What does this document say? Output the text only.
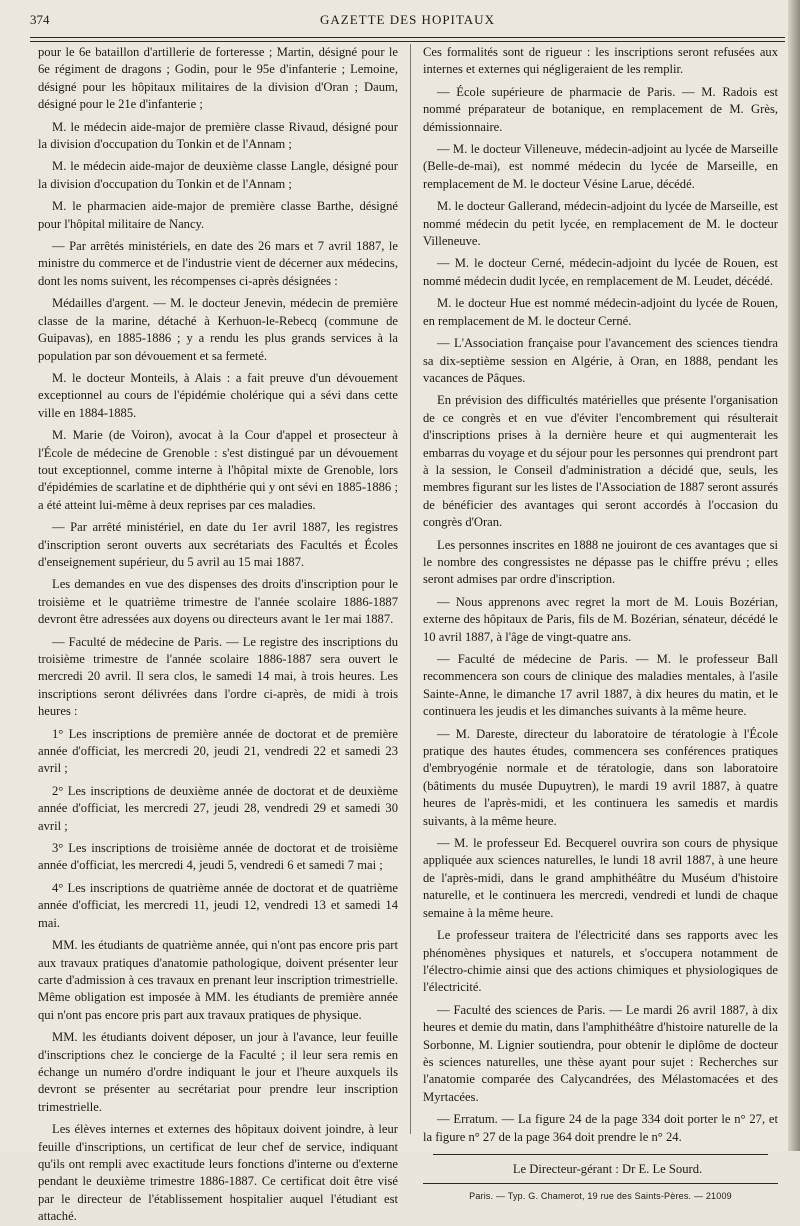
374	GAZETTE DES HOPITAUX

pour le 6e bataillon d'artillerie de forteresse ; Martin, désigné pour le 6e régiment de dragons ; Godin, pour le 95e d'infanterie ; Lemoine, désigné pour les hôpitaux militaires de la division d'Oran ; Daum, désigné pour le 21e d'infanterie ;

M. le médecin aide-major de première classe Rivaud, désigné pour la division d'occupation du Tonkin et de l'Annam ;

M. le médecin aide-major de deuxième classe Langle, désigné pour la division d'occupation du Tonkin et de l'Annam ;

M. le pharmacien aide-major de première classe Barthe, désigné pour l'hôpital militaire de Nancy.

— Par arrêtés ministériels, en date des 26 mars et 7 avril 1887, le ministre du commerce et de l'industrie vient de décerner aux médecins, dont les noms suivent, les récompenses ci-après désignées :

Médailles d'argent. — M. le docteur Jenevin, médecin de première classe de la marine, détaché à Kerhuon-le-Rebecq (commune de Guipavas), en 1885-1886 ; y a rendu les plus grands services à la population par son dévouement et sa fermeté.

M. le docteur Monteils, à Alais : a fait preuve d'un dévouement exceptionnel au cours de l'épidémie cholérique qui a sévi dans cette ville en 1884-1885.

M. Marie (de Voiron), avocat à la Cour d'appel et prosecteur à l'École de médecine de Grenoble : s'est distingué par un dévouement tout exceptionnel, comme interne à l'hôpital mixte de Grenoble, lors d'épidémies de scarlatine et de diphthérie qui y ont sévi en 1885-1886 ; a été atteint lui-même à deux reprises par ces maladies.

— Par arrêté ministériel, en date du 1er avril 1887, les registres d'inscription seront ouverts aux secrétariats des Facultés et Écoles d'enseignement supérieur, du 5 avril au 15 mai 1887.

Les demandes en vue des dispenses des droits d'inscription pour le troisième et le quatrième trimestre de l'année scolaire 1886-1887 devront être adressées aux doyens ou directeurs avant le 1er mai 1887.

— Faculté de médecine de Paris. — Le registre des inscriptions du troisième trimestre de l'année scolaire 1886-1887 sera ouvert le mercredi 20 avril. Il sera clos, le samedi 14 mai, à trois heures. Les inscriptions seront délivrées dans l'ordre ci-après, de midi à trois heures :

1° Les inscriptions de première année de doctorat et de première année d'officiat, les mercredi 20, jeudi 21, vendredi 22 et samedi 23 avril ;

2° Les inscriptions de deuxième année de doctorat et de deuxième année d'officiat, les mercredi 27, jeudi 28, vendredi 29 et samedi 30 avril ;

3° Les inscriptions de troisième année de doctorat et de troisième année d'officiat, les mercredi 4, jeudi 5, vendredi 6 et samedi 7 mai ;

4° Les inscriptions de quatrième année de doctorat et de quatrième année d'officiat, les mercredi 11, jeudi 12, vendredi 13 et samedi 14 mai.

MM. les étudiants de quatrième année, qui n'ont pas encore pris part aux travaux pratiques d'anatomie pathologique, doivent présenter leur carte d'admission à ces travaux en prenant leur inscription trimestrielle. Même obligation est imposée à MM. les étudiants de première année qui n'ont pas encore pris part aux travaux pratiques de physique.

MM. les étudiants doivent déposer, un jour à l'avance, leur feuille d'inscriptions chez le concierge de la Faculté ; il leur sera remis en échange un numéro d'ordre indiquant le jour et l'heure auxquels ils devront se présenter au secrétariat pour prendre leur inscription trimestrielle.

Les élèves internes et externes des hôpitaux doivent joindre, à leur feuille d'inscriptions, un certificat de leur chef de service, indiquant qu'ils ont rempli avec exactitude leurs fonctions d'interne ou d'externe pendant le deuxième trimestre 1886-1887. Ce certificat doit être visé par le directeur de l'établissement hospitalier auquel l'étudiant est attaché.

Ces formalités sont de rigueur : les inscriptions seront refusées aux internes et externes qui négligeraient de les remplir.

— École supérieure de pharmacie de Paris. — M. Radois est nommé préparateur de botanique, en remplacement de M. Grès, démissionnaire.

— M. le docteur Villeneuve, médecin-adjoint au lycée de Marseille (Belle-de-mai), est nommé médecin du lycée de Marseille, en remplacement de M. le docteur Vésine Larue, décédé.

M. le docteur Gallerand, médecin-adjoint du lycée de Marseille, est nommé médecin du petit lycée, en remplacement de M. le docteur Villeneuve.

— M. le docteur Cerné, médecin-adjoint du lycée de Rouen, est nommé médecin dudit lycée, en remplacement de M. Leudet, décédé.

M. le docteur Hue est nommé médecin-adjoint du lycée de Rouen, en remplacement de M. le docteur Cerné.

— L'Association française pour l'avancement des sciences tiendra sa dix-septième session en Algérie, à Oran, en 1888, pendant les vacances de Pâques.

En prévision des difficultés matérielles que présente l'organisation de ce congrès et en vue d'éviter l'encombrement qui résulterait d'inscriptions prises à la dernière heure et qui augmenterait les embarras du voyage et du séjour pour les personnes qui prendront part à la session, le Conseil d'administration a décidé que, seuls, les membres figurant sur les listes de l'Association de 1887 seront assurés de bénéficier des avantages qui seront accordés à l'occasion du congrès d'Oran.

Les personnes inscrites en 1888 ne jouiront de ces avantages que si le nombre des congressistes ne dépasse pas le chiffre prévu ; elles seront admises par ordre d'inscription.

— Nous apprenons avec regret la mort de M. Louis Bozérian, externe des hôpitaux de Paris, fils de M. Bozérian, sénateur, décédé le 10 avril 1887, à l'âge de vingt-quatre ans.

— Faculté de médecine de Paris. — M. le professeur Ball recommencera son cours de clinique des maladies mentales, à l'asile Sainte-Anne, le dimanche 17 avril 1887, à dix heures du matin, et le continuera les jeudis et les dimanches suivants à la même heure.

— M. Dareste, directeur du laboratoire de tératologie à l'École pratique des hautes études, commencera ses conférences pratiques d'embryogénie normale et de tératologie, dans son laboratoire (bâtiments du musée Dupuytren), le mardi 19 avril 1887, à quatre heures de l'après-midi, et les continuera les samedis et mardis suivants, à la même heure.

— M. le professeur Ed. Becquerel ouvrira son cours de physique appliquée aux sciences naturelles, le lundi 18 avril 1887, à une heure de l'après-midi, dans le grand amphithéâtre du Muséum d'histoire naturelle, et le continuera les mercredi, vendredi et lundi de chaque semaine à la même heure.

Le professeur traitera de l'électricité dans ses rapports avec les phénomènes physiques et naturels, et s'occupera notamment de l'électro-chimie ainsi que des actions chimiques et physiologiques de l'électricité.

— Faculté des sciences de Paris. — Le mardi 26 avril 1887, à dix heures et demie du matin, dans l'amphithéâtre d'histoire naturelle de la Sorbonne, M. Lignier soutiendra, pour obtenir le diplôme de docteur ès sciences naturelles, une thèse ayant pour sujet : Recherches sur l'anatomie comparée des Calycandrées, des Mélastomacées et des Myrtacées.

— Erratum. — La figure 24 de la page 334 doit porter le n° 27, et la figure n° 27 de la page 364 doit prendre le n° 24.

Le Directeur-gérant : Dr E. Le Sourd.

Paris. — Typ. G. Chamerot, 19 rue des Saints-Pères. — 21009
